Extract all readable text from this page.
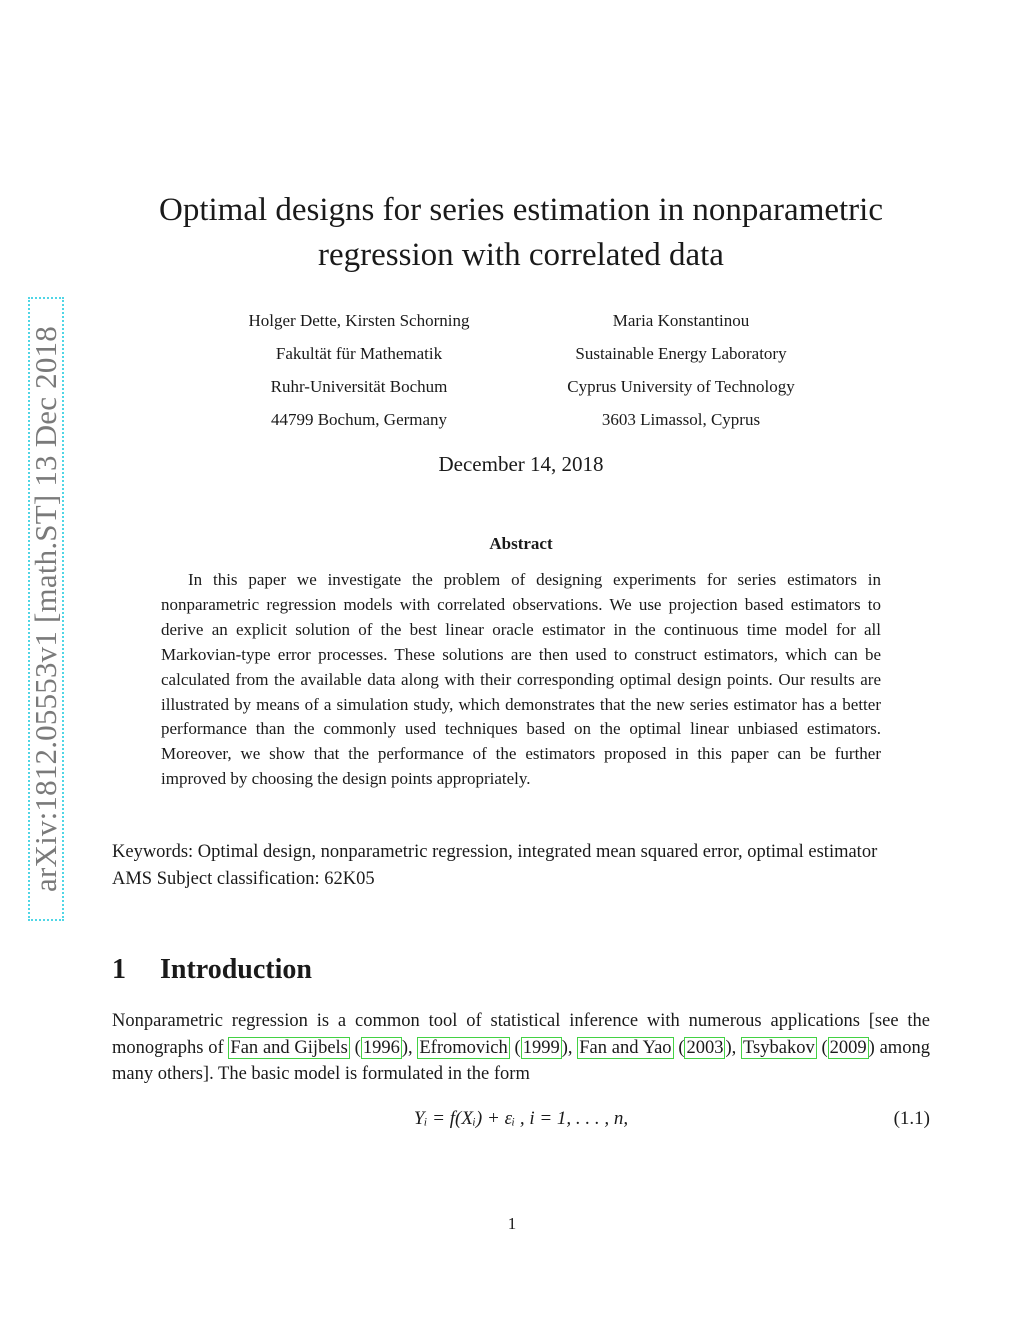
arXiv:1812.05553v1 [math.ST] 13 Dec 2018
Optimal designs for series estimation in nonparametric
regression with correlated data
Holger Dette, Kirsten Schorning
Fakultät für Mathematik
Ruhr-Universität Bochum
44799 Bochum, Germany
Maria Konstantinou
Sustainable Energy Laboratory
Cyprus University of Technology
3603 Limassol, Cyprus
December 14, 2018
Abstract
In this paper we investigate the problem of designing experiments for series estimators in nonparametric regression models with correlated observations. We use projection based estimators to derive an explicit solution of the best linear oracle estimator in the continuous time model for all Markovian-type error processes. These solutions are then used to construct estimators, which can be calculated from the available data along with their corresponding optimal design points. Our results are illustrated by means of a simulation study, which demonstrates that the new series estimator has a better performance than the commonly used techniques based on the optimal linear unbiased estimators. Moreover, we show that the performance of the estimators proposed in this paper can be further improved by choosing the design points appropriately.

Keywords: Optimal design, nonparametric regression, integrated mean squared error, optimal estimator

AMS Subject classification: 62K05

1 Introduction
Nonparametric regression is a common tool of statistical inference with numerous applications [see the monographs of Fan and Gijbels ( 1996 ), Efromovich ( 1999 ), Fan and Yao ( 2003 ), Tsybakov ( 2009 ) among many others]. The basic model is formulated in the form
Yᵢ = f(Xᵢ) + εᵢ , i = 1, . . . , n,	(1.1)
1
